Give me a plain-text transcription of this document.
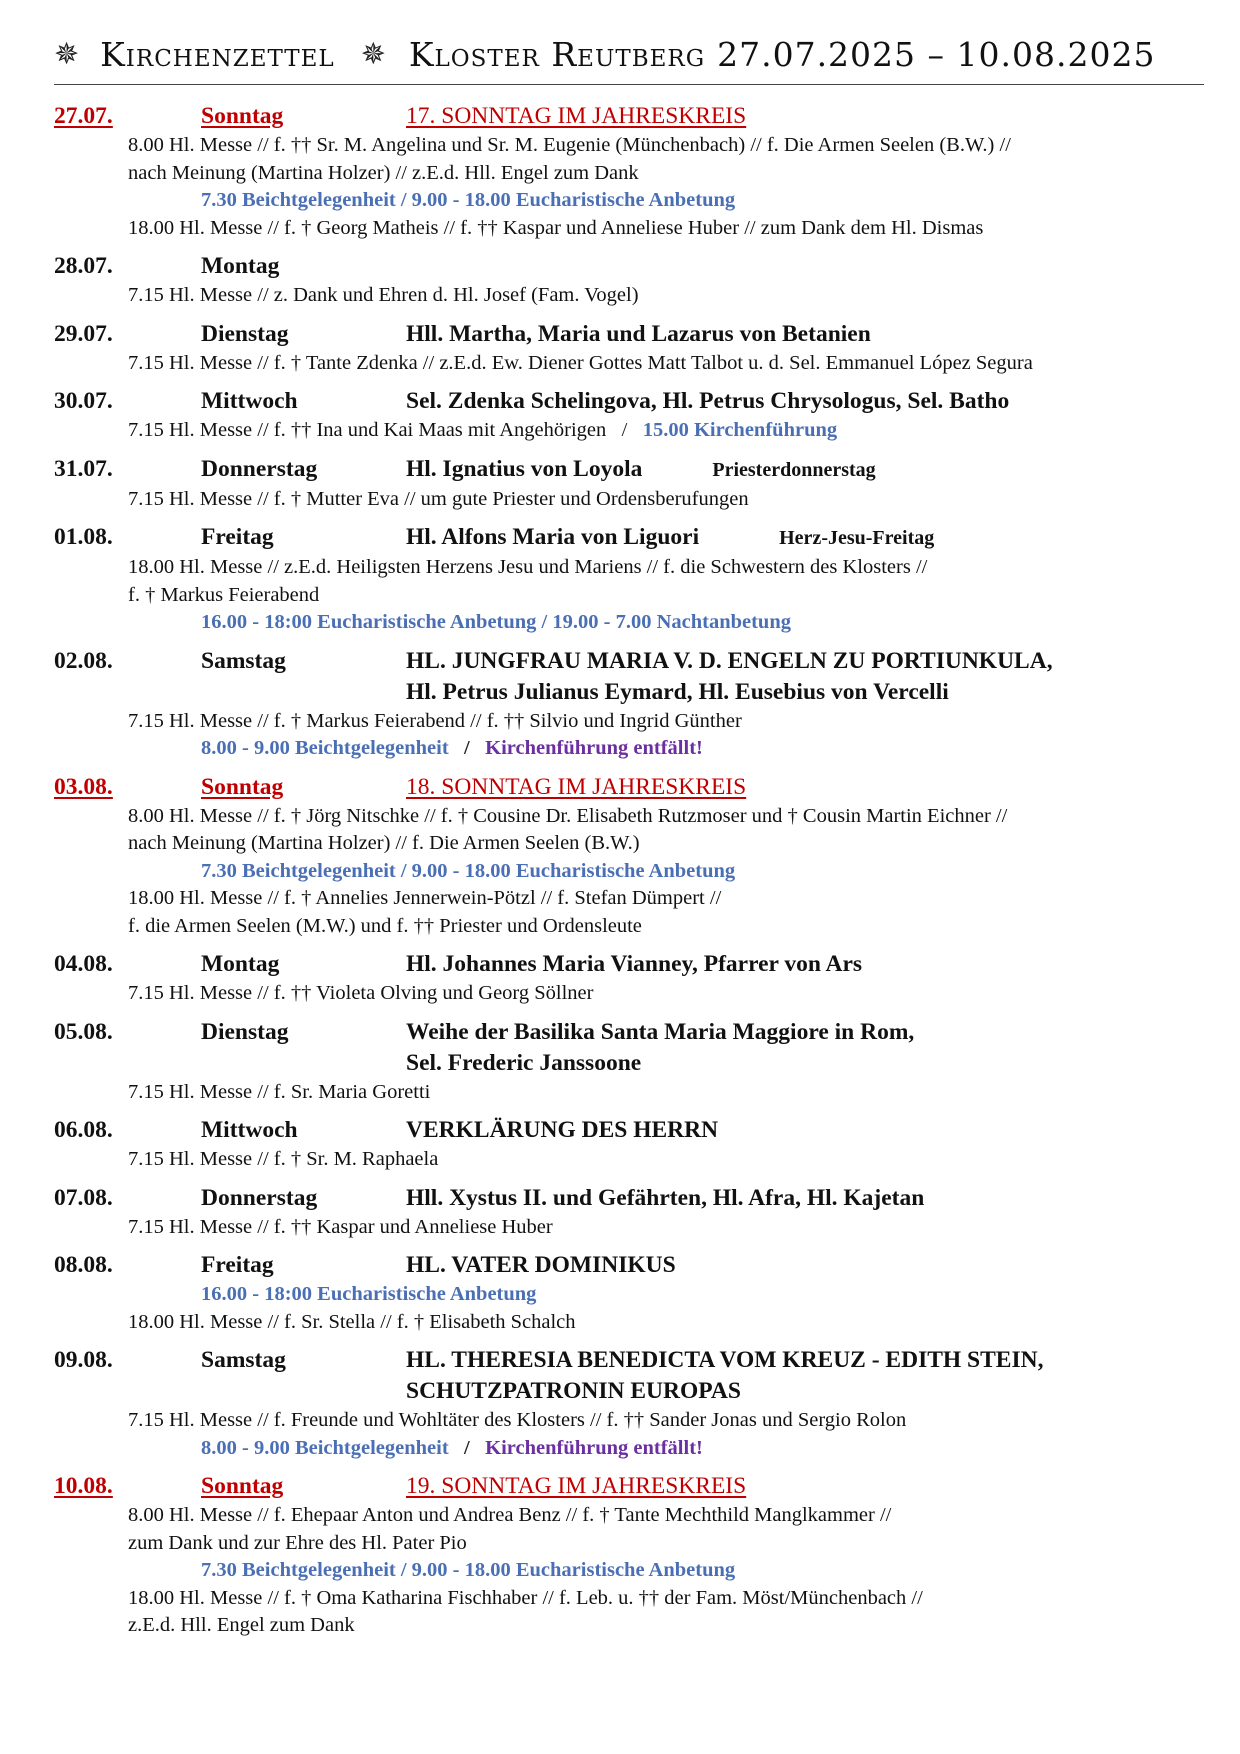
✵ Kirchenzettel ✵ Kloster Reutberg 27.07.2025 – 10.08.2025
27.07.	Sonntag	17. SONNTAG IM JAHRESKREIS
8.00 Hl. Messe // f. †† Sr. M. Angelina und Sr. M. Eugenie (Münchenbach) // f. Die Armen Seelen (B.W.) //
nach Meinung (Martina Holzer) // z.E.d. Hll. Engel zum Dank
7.30 Beichtgelegenheit / 9.00 - 18.00 Eucharistische Anbetung
18.00 Hl. Messe // f. † Georg Matheis // f. †† Kaspar und Anneliese Huber // zum Dank dem Hl. Dismas
28.07.	Montag
7.15 Hl. Messe // z. Dank und Ehren d. Hl. Josef (Fam. Vogel)
29.07.	Dienstag	Hll. Martha, Maria und Lazarus von Betanien
7.15 Hl. Messe // f. † Tante Zdenka // z.E.d. Ew. Diener Gottes Matt Talbot u. d. Sel. Emmanuel López Segura
30.07.	Mittwoch	Sel. Zdenka Schelingova, Hl. Petrus Chrysologus, Sel. Batho
7.15 Hl. Messe // f. †† Ina und Kai Maas mit Angehörigen / 15.00 Kirchenführung
31.07.	Donnerstag	Hl. Ignatius von Loyola	Priesterdonnerstag
7.15 Hl. Messe // f. † Mutter Eva // um gute Priester und Ordensberufungen
01.08.	Freitag	Hl. Alfons Maria von Liguori	Herz-Jesu-Freitag
18.00 Hl. Messe // z.E.d. Heiligsten Herzens Jesu und Mariens // f. die Schwestern des Klosters //
f. † Markus Feierabend
16.00 - 18:00 Eucharistische Anbetung / 19.00 - 7.00 Nachtanbetung
02.08.	Samstag	HL. JUNGFRAU MARIA V. D. ENGELN ZU PORTIUNKULA,
Hl. Petrus Julianus Eymard, Hl. Eusebius von Vercelli
7.15 Hl. Messe // f. † Markus Feierabend // f. †† Silvio und Ingrid Günther
8.00 - 9.00 Beichtgelegenheit / Kirchenführung entfällt!
03.08.	Sonntag	18. SONNTAG IM JAHRESKREIS
8.00 Hl. Messe // f. † Jörg Nitschke // f. † Cousine Dr. Elisabeth Rutzmoser und † Cousin Martin Eichner //
nach Meinung (Martina Holzer) // f. Die Armen Seelen (B.W.)
7.30 Beichtgelegenheit / 9.00 - 18.00 Eucharistische Anbetung
18.00 Hl. Messe // f. † Annelies Jennerwein-Pötzl // f. Stefan Dümpert //
f. die Armen Seelen (M.W.) und f. †† Priester und Ordensleute
04.08.	Montag	Hl. Johannes Maria Vianney, Pfarrer von Ars
7.15 Hl. Messe // f. †† Violeta Olving und Georg Söllner
05.08.	Dienstag	Weihe der Basilika Santa Maria Maggiore in Rom,
Sel. Frederic Janssoone
7.15 Hl. Messe // f. Sr. Maria Goretti
06.08.	Mittwoch	VERKLÄRUNG DES HERRN
7.15 Hl. Messe // f. † Sr. M. Raphaela
07.08.	Donnerstag	Hll. Xystus II. und Gefährten, Hl. Afra, Hl. Kajetan
7.15 Hl. Messe // f. †† Kaspar und Anneliese Huber
08.08.	Freitag	HL. VATER DOMINIKUS
16.00 - 18:00 Eucharistische Anbetung
18.00 Hl. Messe // f. Sr. Stella // f. † Elisabeth Schalch
09.08.	Samstag	HL. THERESIA BENEDICTA VOM KREUZ - EDITH STEIN,
SCHUTZPATRONIN EUROPAS
7.15 Hl. Messe // f. Freunde und Wohltäter des Klosters // f. †† Sander Jonas und Sergio Rolon
8.00 - 9.00 Beichtgelegenheit / Kirchenführung entfällt!
10.08.	Sonntag	19. SONNTAG IM JAHRESKREIS
8.00 Hl. Messe // f. Ehepaar Anton und Andrea Benz // f. † Tante Mechthild Manglkammer //
zum Dank und zur Ehre des Hl. Pater Pio
7.30 Beichtgelegenheit / 9.00 - 18.00 Eucharistische Anbetung
18.00 Hl. Messe // f. † Oma Katharina Fischhaber // f. Leb. u. †† der Fam. Möst/Münchenbach //
z.E.d. Hll. Engel zum Dank
